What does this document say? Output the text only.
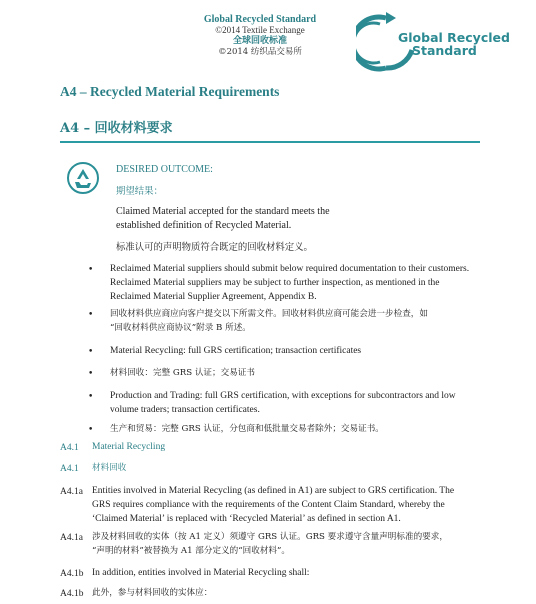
Global Recycled Standard
©2014 Textile Exchange
全球回收标准
©2014 纺织品交易所
Global Recycled
Standard
A4 – Recycled Material Requirements
A4 – 回收材料要求
DESIRED OUTCOME:
期望结果：
Claimed Material accepted for the standard meets the
established definition of Recycled Material.
标准认可的声明物质符合既定的回收材料定义。
• Reclaimed Material suppliers should submit below required documentation to their customers.
Reclaimed Material suppliers may be subject to further inspection, as mentioned in the
Reclaimed Material Supplier Agreement, Appendix B.
• 回收材料供应商应向客户提交以下所需文件。回收材料供应商可能会进一步检查，如
“回收材料供应商协议”附录 B 所述。
• Material Recycling: full GRS certification; transaction certificates
• 材料回收：完整 GRS 认证；交易证书
• Production and Trading: full GRS certification, with exceptions for subcontractors and low
volume traders; transaction certificates.
• 生产和贸易：完整 GRS 认证，分包商和低批量交易者除外；交易证书。
A4.1 Material Recycling
A4.1 材料回收
A4.1a Entities involved in Material Recycling (as defined in A1) are subject to GRS certification. The
GRS requires compliance with the requirements of the Content Claim Standard, whereby the
‘Claimed Material’ is replaced with ‘Recycled Material’ as defined in section A1.
A4.1a 涉及材料回收的实体（按 A1 定义）须遵守 GRS 认证。GRS 要求遵守含量声明标准的要求，
“声明的材料”被替换为 A1 部分定义的“回收材料”。
A4.1b In addition, entities involved in Material Recycling shall:
A4.1b 此外，参与材料回收的实体应：
